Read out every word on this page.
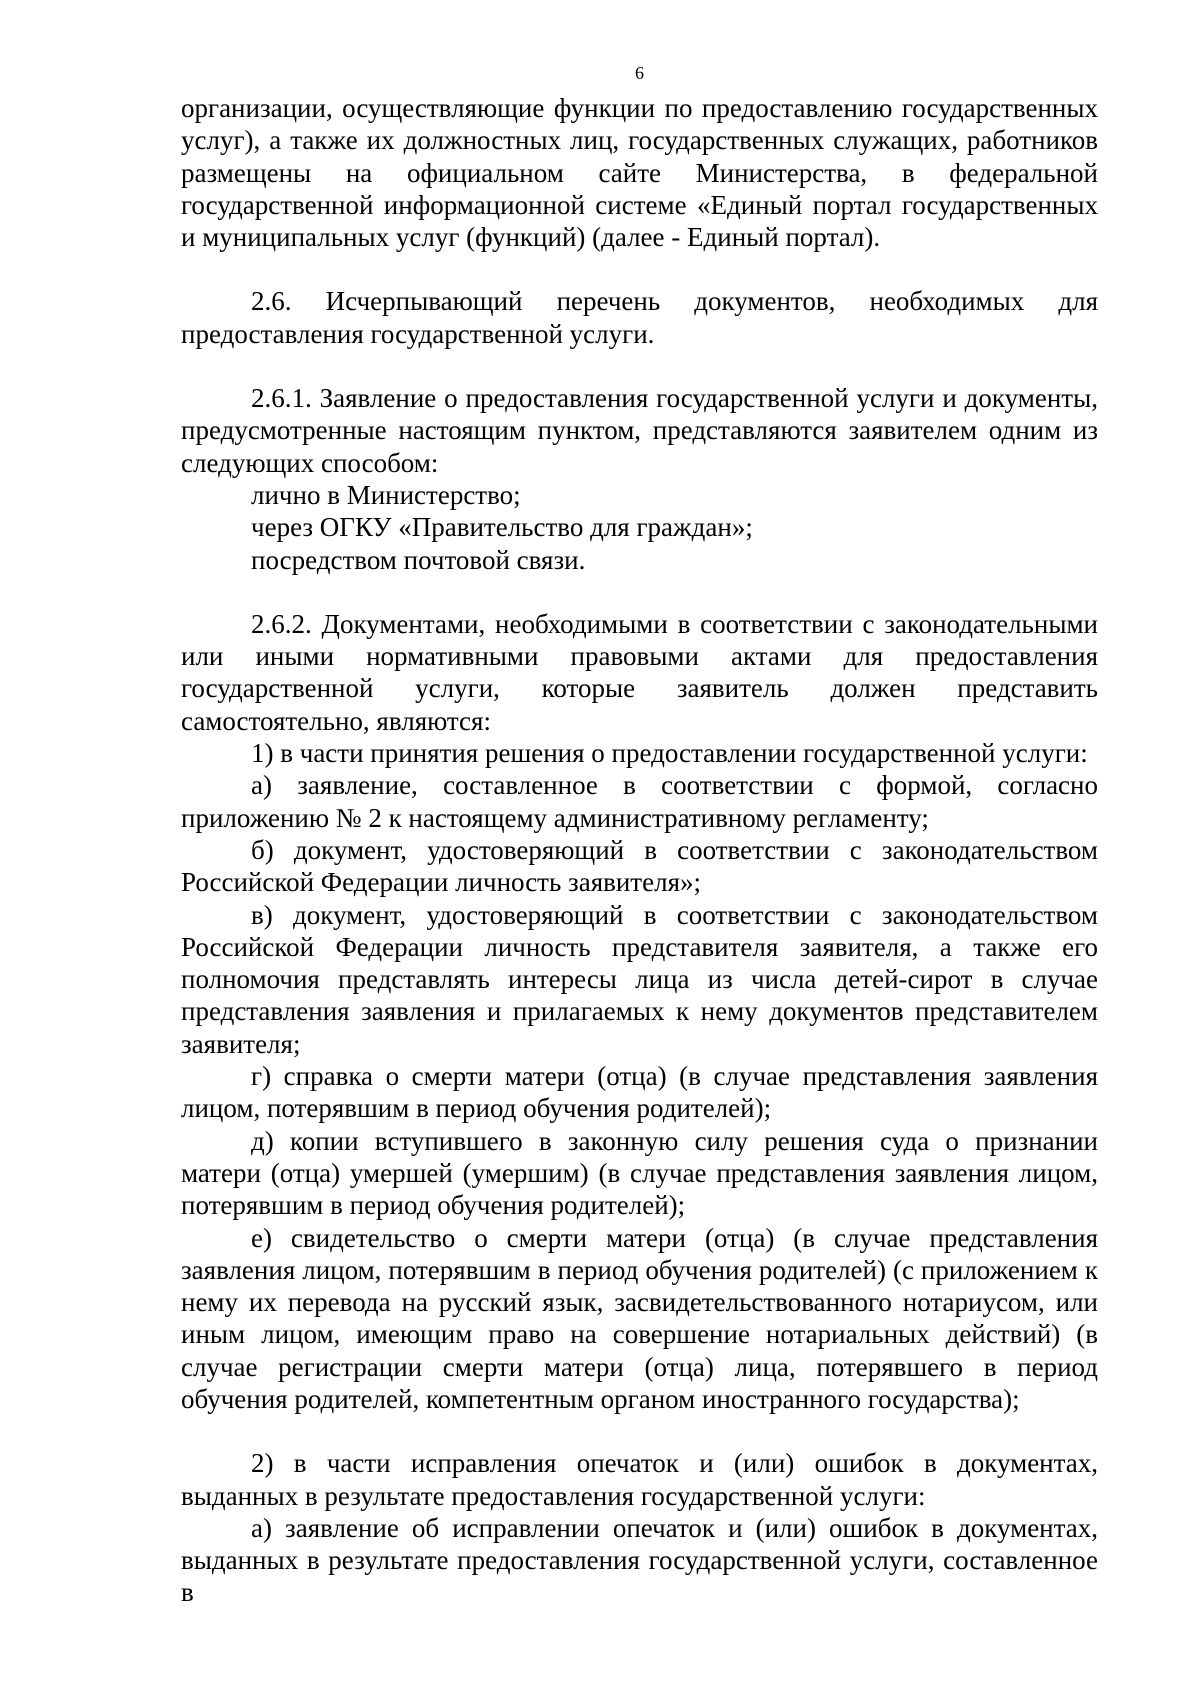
6

организации, осуществляющие функции по предоставлению государственных услуг), а также их должностных лиц, государственных служащих, работников размещены на официальном сайте Министерства, в федеральной государственной информационной системе «Единый портал государственных и муниципальных услуг (функций) (далее - Единый портал).

2.6. Исчерпывающий перечень документов, необходимых для предоставления государственной услуги.

2.6.1. Заявление о предоставления государственной услуги и документы, предусмотренные настоящим пунктом, представляются заявителем одним из следующих способом:

лично в Министерство;
через ОГКУ «Правительство для граждан»;
посредством почтовой связи.

2.6.2. Документами, необходимыми в соответствии с законодательными или иными нормативными правовыми актами для предоставления государственной услуги, которые заявитель должен представить самостоятельно, являются:

1) в части принятия решения о предоставлении государственной услуги:

а) заявление, составленное в соответствии с формой, согласно приложению № 2 к настоящему административному регламенту;

б) документ, удостоверяющий в соответствии с законодательством Российской Федерации личность заявителя»;

в) документ, удостоверяющий в соответствии с законодательством Российской Федерации личность представителя заявителя, а также его полномочия представлять интересы лица из числа детей-сирот в случае представления заявления и прилагаемых к нему документов представителем заявителя;

г) справка о смерти матери (отца) (в случае представления заявления лицом, потерявшим в период обучения родителей);

д) копии вступившего в законную силу решения суда о признании матери (отца) умершей (умершим) (в случае представления заявления лицом, потерявшим в период обучения родителей);

е) свидетельство о смерти матери (отца) (в случае представления заявления лицом, потерявшим в период обучения родителей) (с приложением к нему их перевода на русский язык, засвидетельствованного нотариусом, или иным лицом, имеющим право на совершение нотариальных действий) (в случае регистрации смерти матери (отца) лица, потерявшего в период обучения родителей, компетентным органом иностранного государства);

2) в части исправления опечаток и (или) ошибок в документах, выданных в результате предоставления государственной услуги:

а) заявление об исправлении опечаток и (или) ошибок в документах, выданных в результате предоставления государственной услуги, составленное в
